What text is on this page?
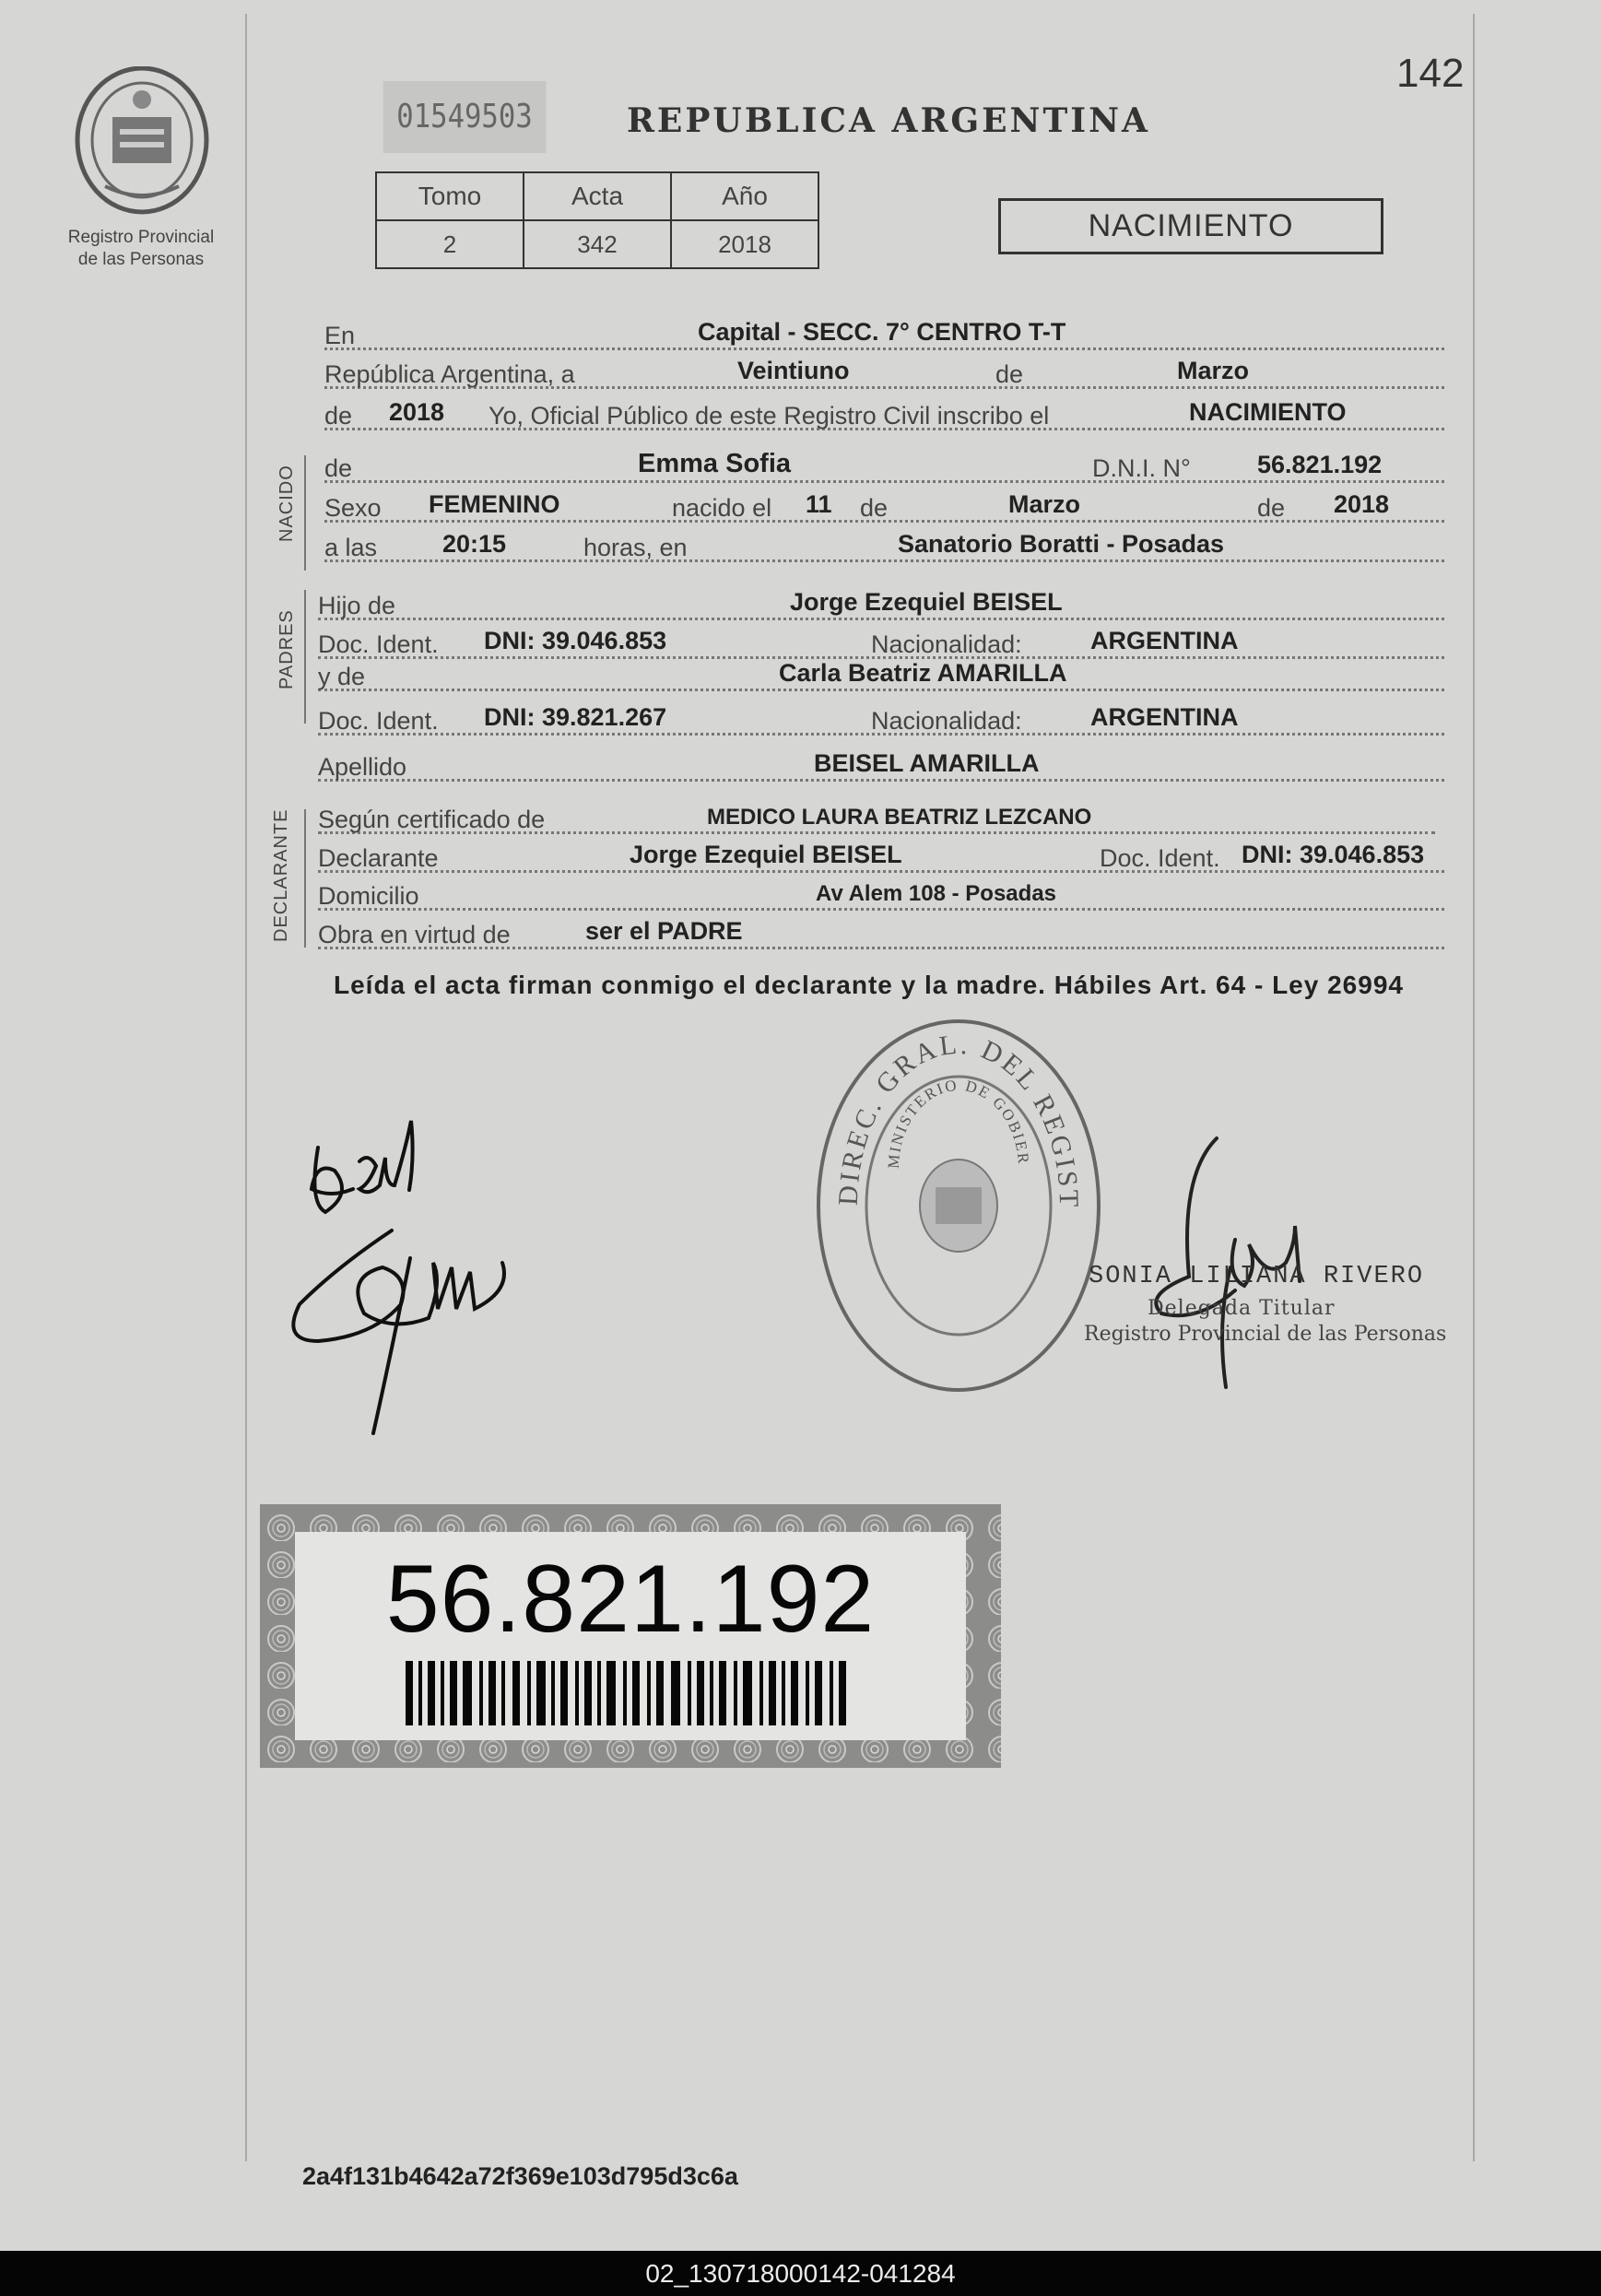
142
Registro Provincial
de las Personas
01549503	REPUBLICA ARGENTINA
Tomo	Acta	Año
2	342	2018
NACIMIENTO
En	Capital - SECC. 7° CENTRO T-T
República Argentina, a	Veintiuno	de	Marzo
de 2018 Yo, Oficial Público de este Registro Civil inscribo el	NACIMIENTO
NACIDO
PADRES
DECLARANTE
de	Emma Sofia	D.N.I. N°	56.821.192
Sexo FEMENINO	nacido el 11 de	Marzo	de 2018
a las	20:15	horas, en	Sanatorio Boratti - Posadas
Hijo de	Jorge Ezequiel BEISEL
Doc. Ident. DNI: 39.046.853	Nacionalidad:	ARGENTINA
y de	Carla Beatriz AMARILLA
Doc. Ident. DNI: 39.821.267	Nacionalidad:	ARGENTINA
Apellido	BEISEL AMARILLA
Según certificado de	MEDICO LAURA BEATRIZ LEZCANO
Declarante	Jorge Ezequiel BEISEL	Doc. Ident. DNI: 39.046.853
Domicilio	Av Alem 108 - Posadas
Obra en virtud de	ser el PADRE
Leída el acta firman conmigo el declarante y la madre. Hábiles Art. 64 - Ley 26994
DIREC. GRAL. DEL REGIST
MINISTERIO DE GOBIER
SONIA LILIANA RIVERO
Delegada Titular
Registro Provincial de las Personas
56.821.192
2a4f131b4642a72f369e103d795d3c6a
02_130718000142-041284
